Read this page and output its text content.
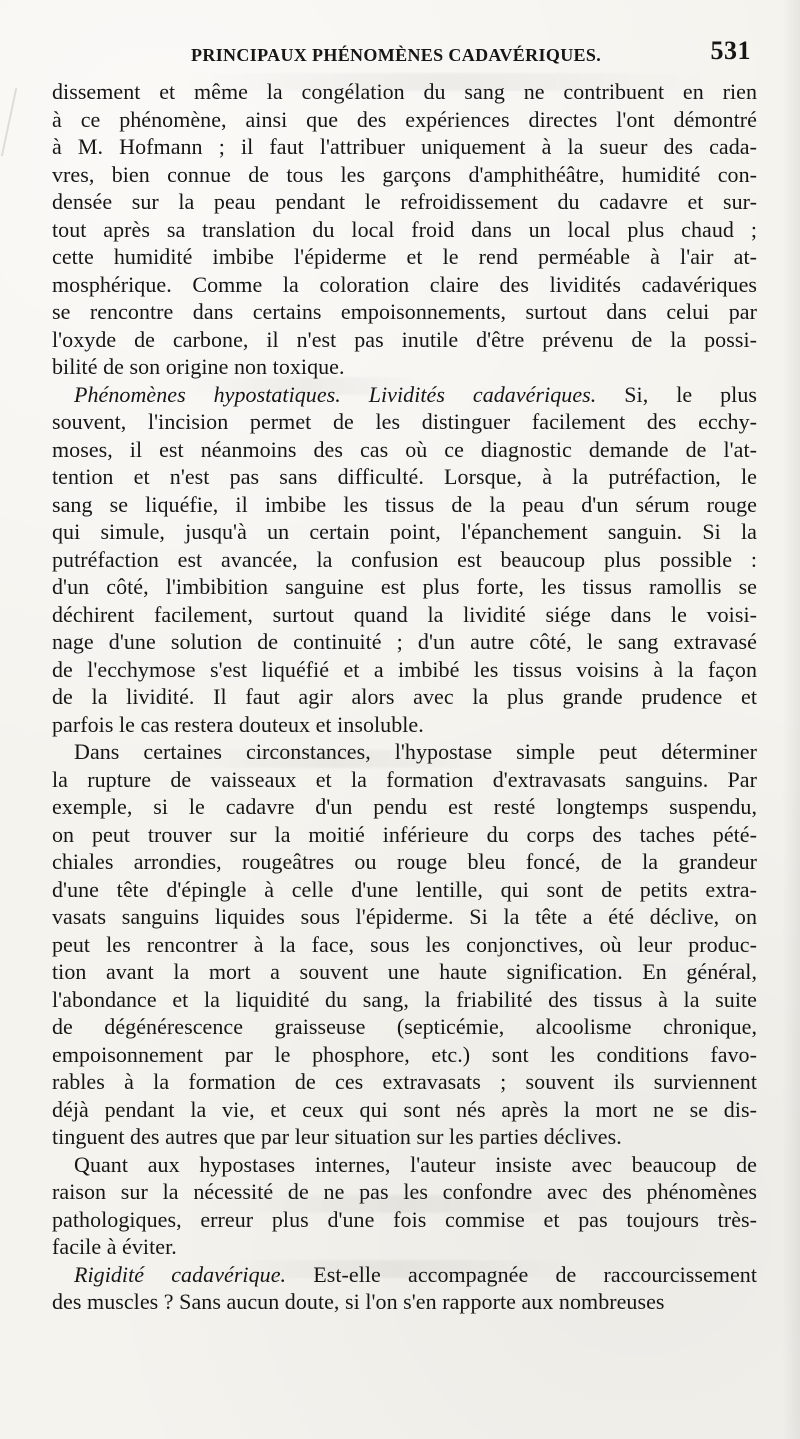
PRINCIPAUX PHÉNOMÈNES CADAVÉRIQUES.	531

dissement et même la congélation du sang ne contribuent en rien
à ce phénomène, ainsi que des expériences directes l'ont démontré
à M. Hofmann ; il faut l'attribuer uniquement à la sueur des cada-
vres, bien connue de tous les garçons d'amphithéâtre, humidité con-
densée sur la peau pendant le refroidissement du cadavre et sur-
tout après sa translation du local froid dans un local plus chaud ;
cette humidité imbibe l'épiderme et le rend perméable à l'air at-
mosphérique. Comme la coloration claire des lividités cadavériques
se rencontre dans certains empoisonnements, surtout dans celui par
l'oxyde de carbone, il n'est pas inutile d'être prévenu de la possi-
bilité de son origine non toxique.

Phénomènes hypostatiques. Lividités cadavériques. Si, le plus
souvent, l'incision permet de les distinguer facilement des ecchy-
moses, il est néanmoins des cas où ce diagnostic demande de l'at-
tention et n'est pas sans difficulté. Lorsque, à la putréfaction, le
sang se liquéfie, il imbibe les tissus de la peau d'un sérum rouge
qui simule, jusqu'à un certain point, l'épanchement sanguin. Si la
putréfaction est avancée, la confusion est beaucoup plus possible :
d'un côté, l'imbibition sanguine est plus forte, les tissus ramollis se
déchirent facilement, surtout quand la lividité siége dans le voisi-
nage d'une solution de continuité ; d'un autre côté, le sang extravasé
de l'ecchymose s'est liquéfié et a imbibé les tissus voisins à la façon
de la lividité. Il faut agir alors avec la plus grande prudence et
parfois le cas restera douteux et insoluble.

Dans certaines circonstances, l'hypostase simple peut déterminer
la rupture de vaisseaux et la formation d'extravasats sanguins. Par
exemple, si le cadavre d'un pendu est resté longtemps suspendu,
on peut trouver sur la moitié inférieure du corps des taches pété-
chiales arrondies, rougeâtres ou rouge bleu foncé, de la grandeur
d'une tête d'épingle à celle d'une lentille, qui sont de petits extra-
vasats sanguins liquides sous l'épiderme. Si la tête a été déclive, on
peut les rencontrer à la face, sous les conjonctives, où leur produc-
tion avant la mort a souvent une haute signification. En général,
l'abondance et la liquidité du sang, la friabilité des tissus à la suite
de dégénérescence graisseuse (septicémie, alcoolisme chronique,
empoisonnement par le phosphore, etc.) sont les conditions favo-
rables à la formation de ces extravasats ; souvent ils surviennent
déjà pendant la vie, et ceux qui sont nés après la mort ne se dis-
tinguent des autres que par leur situation sur les parties déclives.

Quant aux hypostases internes, l'auteur insiste avec beaucoup de
raison sur la nécessité de ne pas les confondre avec des phénomènes
pathologiques, erreur plus d'une fois commise et pas toujours très-
facile à éviter.

Rigidité cadavérique. Est-elle accompagnée de raccourcissement
des muscles ? Sans aucun doute, si l'on s'en rapporte aux nombreuses
